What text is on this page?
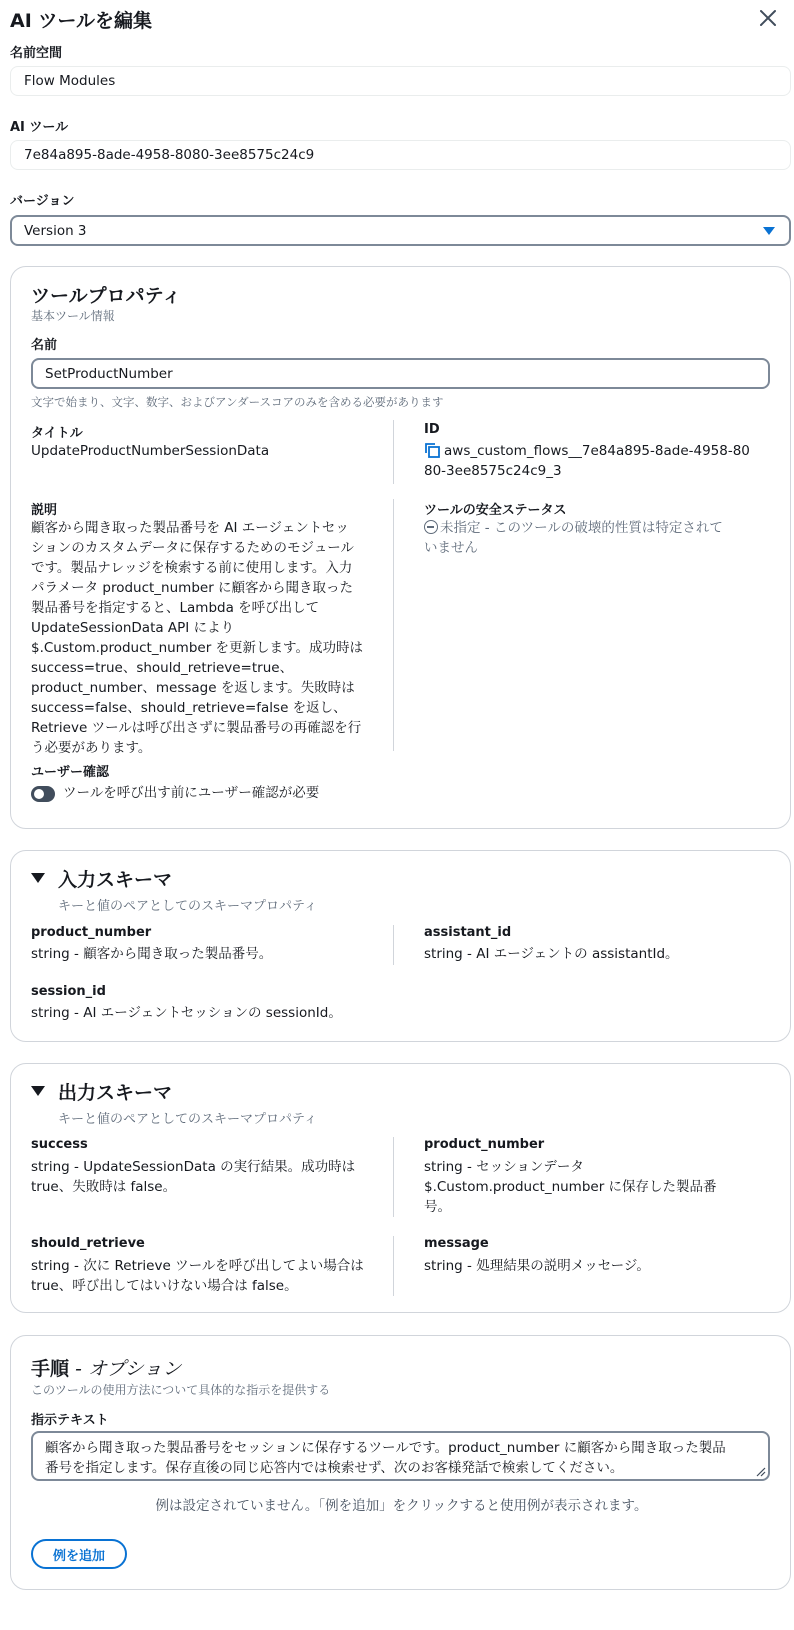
AI ツールを編集
名前空間
Flow Modules
AI ツール
7e84a895-8ade-4958-8080-3ee8575c24c9
バージョン
Version 3
ツールプロパティ
基本ツール情報
名前
SetProductNumber
文字で始まり、文字、数字、およびアンダースコアのみを含める必要があります
タイトル
UpdateProductNumberSessionData
ID
aws_custom_flows__7e84a895-8ade-4958-80
80-3ee8575c24c9_3
説明
顧客から聞き取った製品番号を AI エージェントセッ
ションのカスタムデータに保存するためのモジュール
です。製品ナレッジを検索する前に使用します。入力
パラメータ product_number に顧客から聞き取った
製品番号を指定すると、Lambda を呼び出して
UpdateSessionData API により
$.Custom.product_number を更新します。成功時は
success=true、should_retrieve=true、
product_number、message を返します。失敗時は
success=false、should_retrieve=false を返し、
Retrieve ツールは呼び出さずに製品番号の再確認を行
う必要があります。
ツールの安全ステータス
未指定 - このツールの破壊的性質は特定されて
いません
ユーザー確認
ツールを呼び出す前にユーザー確認が必要
入力スキーマ
キーと値のペアとしてのスキーマプロパティ
product_number
string - 顧客から聞き取った製品番号。
assistant_id
string - AI エージェントの assistantId。
session_id
string - AI エージェントセッションの sessionId。
出力スキーマ
キーと値のペアとしてのスキーマプロパティ
success
string - UpdateSessionData の実行結果。成功時は
true、失敗時は false。
product_number
string - セッションデータ
$.Custom.product_number に保存した製品番
号。
should_retrieve
string - 次に Retrieve ツールを呼び出してよい場合は
true、呼び出してはいけない場合は false。
message
string - 処理結果の説明メッセージ。
手順 - オプション
このツールの使用方法について具体的な指示を提供する
指示テキスト
顧客から聞き取った製品番号をセッションに保存するツールです。product_number に顧客から聞き取った製品
番号を指定します。保存直後の同じ応答内では検索せず、次のお客様発話で検索してください。
例は設定されていません。「例を追加」をクリックすると使用例が表示されます。
例を追加
